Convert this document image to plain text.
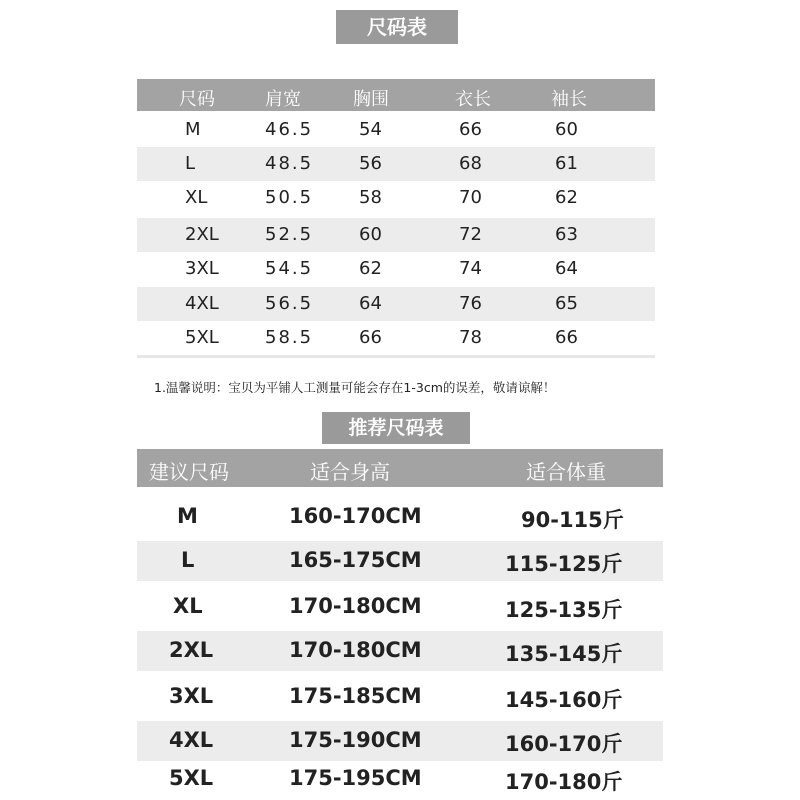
尺码表
尺码	肩宽	胸围	衣长	袖长
M	46.5	54	66	60
L	48.5	56	68	61
XL	50.5	58	70	62
2XL	52.5	60	72	63
3XL	54.5	62	74	64
4XL	56.5	64	76	65
5XL	58.5	66	78	66
1.温馨说明：宝贝为平铺人工测量可能会存在1-3cm的误差，敬请谅解！
推荐尺码表
建议尺码	适合身高	适合体重
M	160-170CM	90-115斤
L	165-175CM	115-125斤
XL	170-180CM	125-135斤
2XL	170-180CM	135-145斤
3XL	175-185CM	145-160斤
4XL	175-190CM	160-170斤
5XL	175-195CM	170-180斤
